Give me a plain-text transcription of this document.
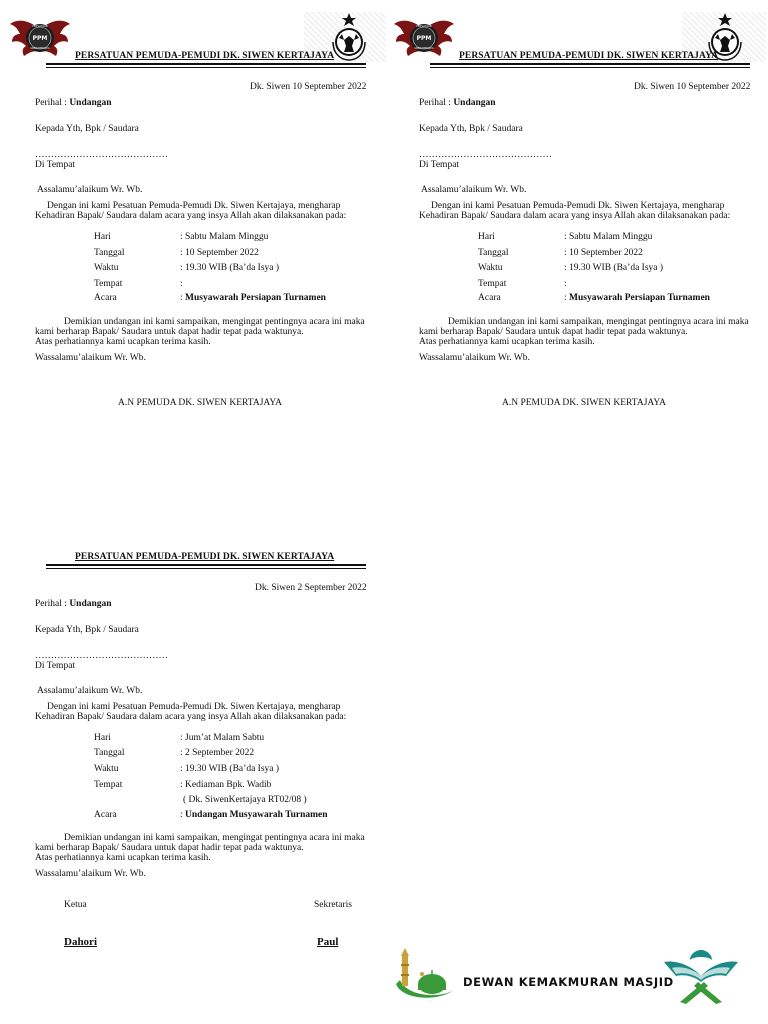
PPM
PERSATUAN
SIWEN KERTAJAYA
PERSATUAN PEMUDA-PEMUDI DK. SIWEN KERTAJAYA
Dk. Siwen 10 September 2022
Perihal : Undangan
Kepada Yth, Bpk / Saudara
……………………………………
Di Tempat
Assalamu’alaikum Wr. Wb.
Dengan ini kami Pesatuan Pemuda-Pemudi Dk. Siwen Kertajaya, mengharap
Kehadiran Bapak/ Saudara dalam acara yang insya Allah akan dilaksanakan pada:
Hari	: Sabtu Malam Minggu
Tanggal	: 10 September 2022
Waktu	: 19.30 WIB (Ba’da Isya )
Tempat	:
Acara	: Musyawarah Persiapan Turnamen
Demikian undangan ini kami sampaikan, mengingat pentingnya acara ini maka
kami berharap Bapak/ Saudara untuk dapat hadir tepat pada waktunya.
Atas perhatiannya kami ucapkan terima kasih.
Wassalamu’alaikum Wr. Wb.
A.N PEMUDA DK. SIWEN KERTAJAYA
PPM
PERSATUAN
SIWEN KERTAJAYA
PERSATUAN PEMUDA-PEMUDI DK. SIWEN KERTAJAYA
Dk. Siwen 10 September 2022
Perihal : Undangan
Kepada Yth, Bpk / Saudara
……………………………………
Di Tempat
Assalamu’alaikum Wr. Wb.
Dengan ini kami Pesatuan Pemuda-Pemudi Dk. Siwen Kertajaya, mengharap
Kehadiran Bapak/ Saudara dalam acara yang insya Allah akan dilaksanakan pada:
Hari	: Sabtu Malam Minggu
Tanggal	: 10 September 2022
Waktu	: 19.30 WIB (Ba’da Isya )
Tempat	:
Acara	: Musyawarah Persiapan Turnamen
Demikian undangan ini kami sampaikan, mengingat pentingnya acara ini maka
kami berharap Bapak/ Saudara untuk dapat hadir tepat pada waktunya.
Atas perhatiannya kami ucapkan terima kasih.
Wassalamu’alaikum Wr. Wb.
A.N PEMUDA DK. SIWEN KERTAJAYA
PERSATUAN PEMUDA-PEMUDI DK. SIWEN KERTAJAYA
Dk. Siwen 2 September 2022
Perihal : Undangan
Kepada Yth, Bpk / Saudara
……………………………………
Di Tempat
Assalamu’alaikum Wr. Wb.
Dengan ini kami Pesatuan Pemuda-Pemudi Dk. Siwen Kertajaya, mengharap
Kehadiran Bapak/ Saudara dalam acara yang insya Allah akan dilaksanakan pada:
Hari	: Jum’at Malam Sabtu
Tanggal	: 2 September 2022
Waktu	: 19.30 WIB (Ba’da Isya )
Tempat	: Kediaman Bpk. Wadib
( Dk. SiwenKertajaya RT02/08 )
Acara	: Undangan Musyawarah Turnamen
Demikian undangan ini kami sampaikan, mengingat pentingnya acara ini maka
kami berharap Bapak/ Saudara untuk dapat hadir tepat pada waktunya.
Atas perhatiannya kami ucapkan terima kasih.
Wassalamu’alaikum Wr. Wb.
Ketua	Sekretaris
Dahori	Paul
DEWAN KEMAKMURAN MASJID
